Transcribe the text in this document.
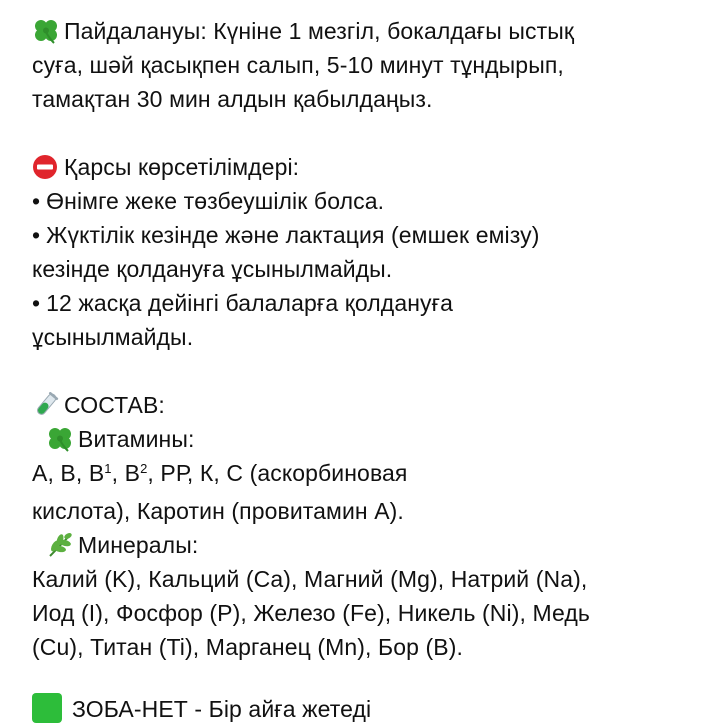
Пайдалануы: Күніне 1 мезгіл, бокалдағы ыстық
суға, шәй қасықпен салып, 5-10 минут тұндырып,
тамақтан 30 мин алдын қабылдаңыз.
Қарсы көрсетілімдері:
• Өнімге жеке төзбеушілік болса.
• Жүктілік кезінде және лактация (емшек емізу)
кезінде қолдануға ұсынылмайды.
• 12 жасқа дейінгі балаларға қолдануға
ұсынылмайды.
СОСТАВ:
Витамины:
А, В, $В^1$, $В^2$, РР, К, С (аскорбиновая
кислота), Каротин (провитамин А).
Минералы:
Калий (K), Кальций (Ca), Магний (Mg), Натрий (Na),
Иод (I), Фосфор (P), Железо (Fe), Никель (Ni), Медь
(Cu), Титан (Ti), Марганец (Mn), Бор (B).
ЗОБА-НЕТ - Бір айға жетеді
